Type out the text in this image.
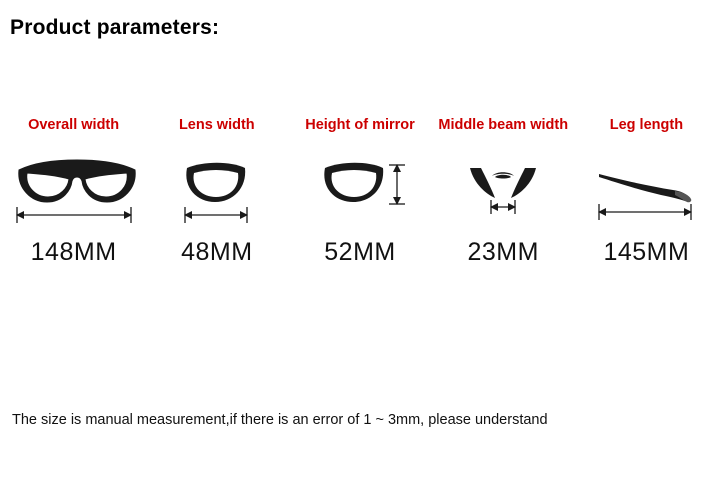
Product parameters:
Overall width
148MM
Lens width
48MM
Height of mirror
52MM
Middle beam width
23MM
Leg length
145MM
The size is manual measurement,if there is an error of 1 ~ 3mm, please understand
